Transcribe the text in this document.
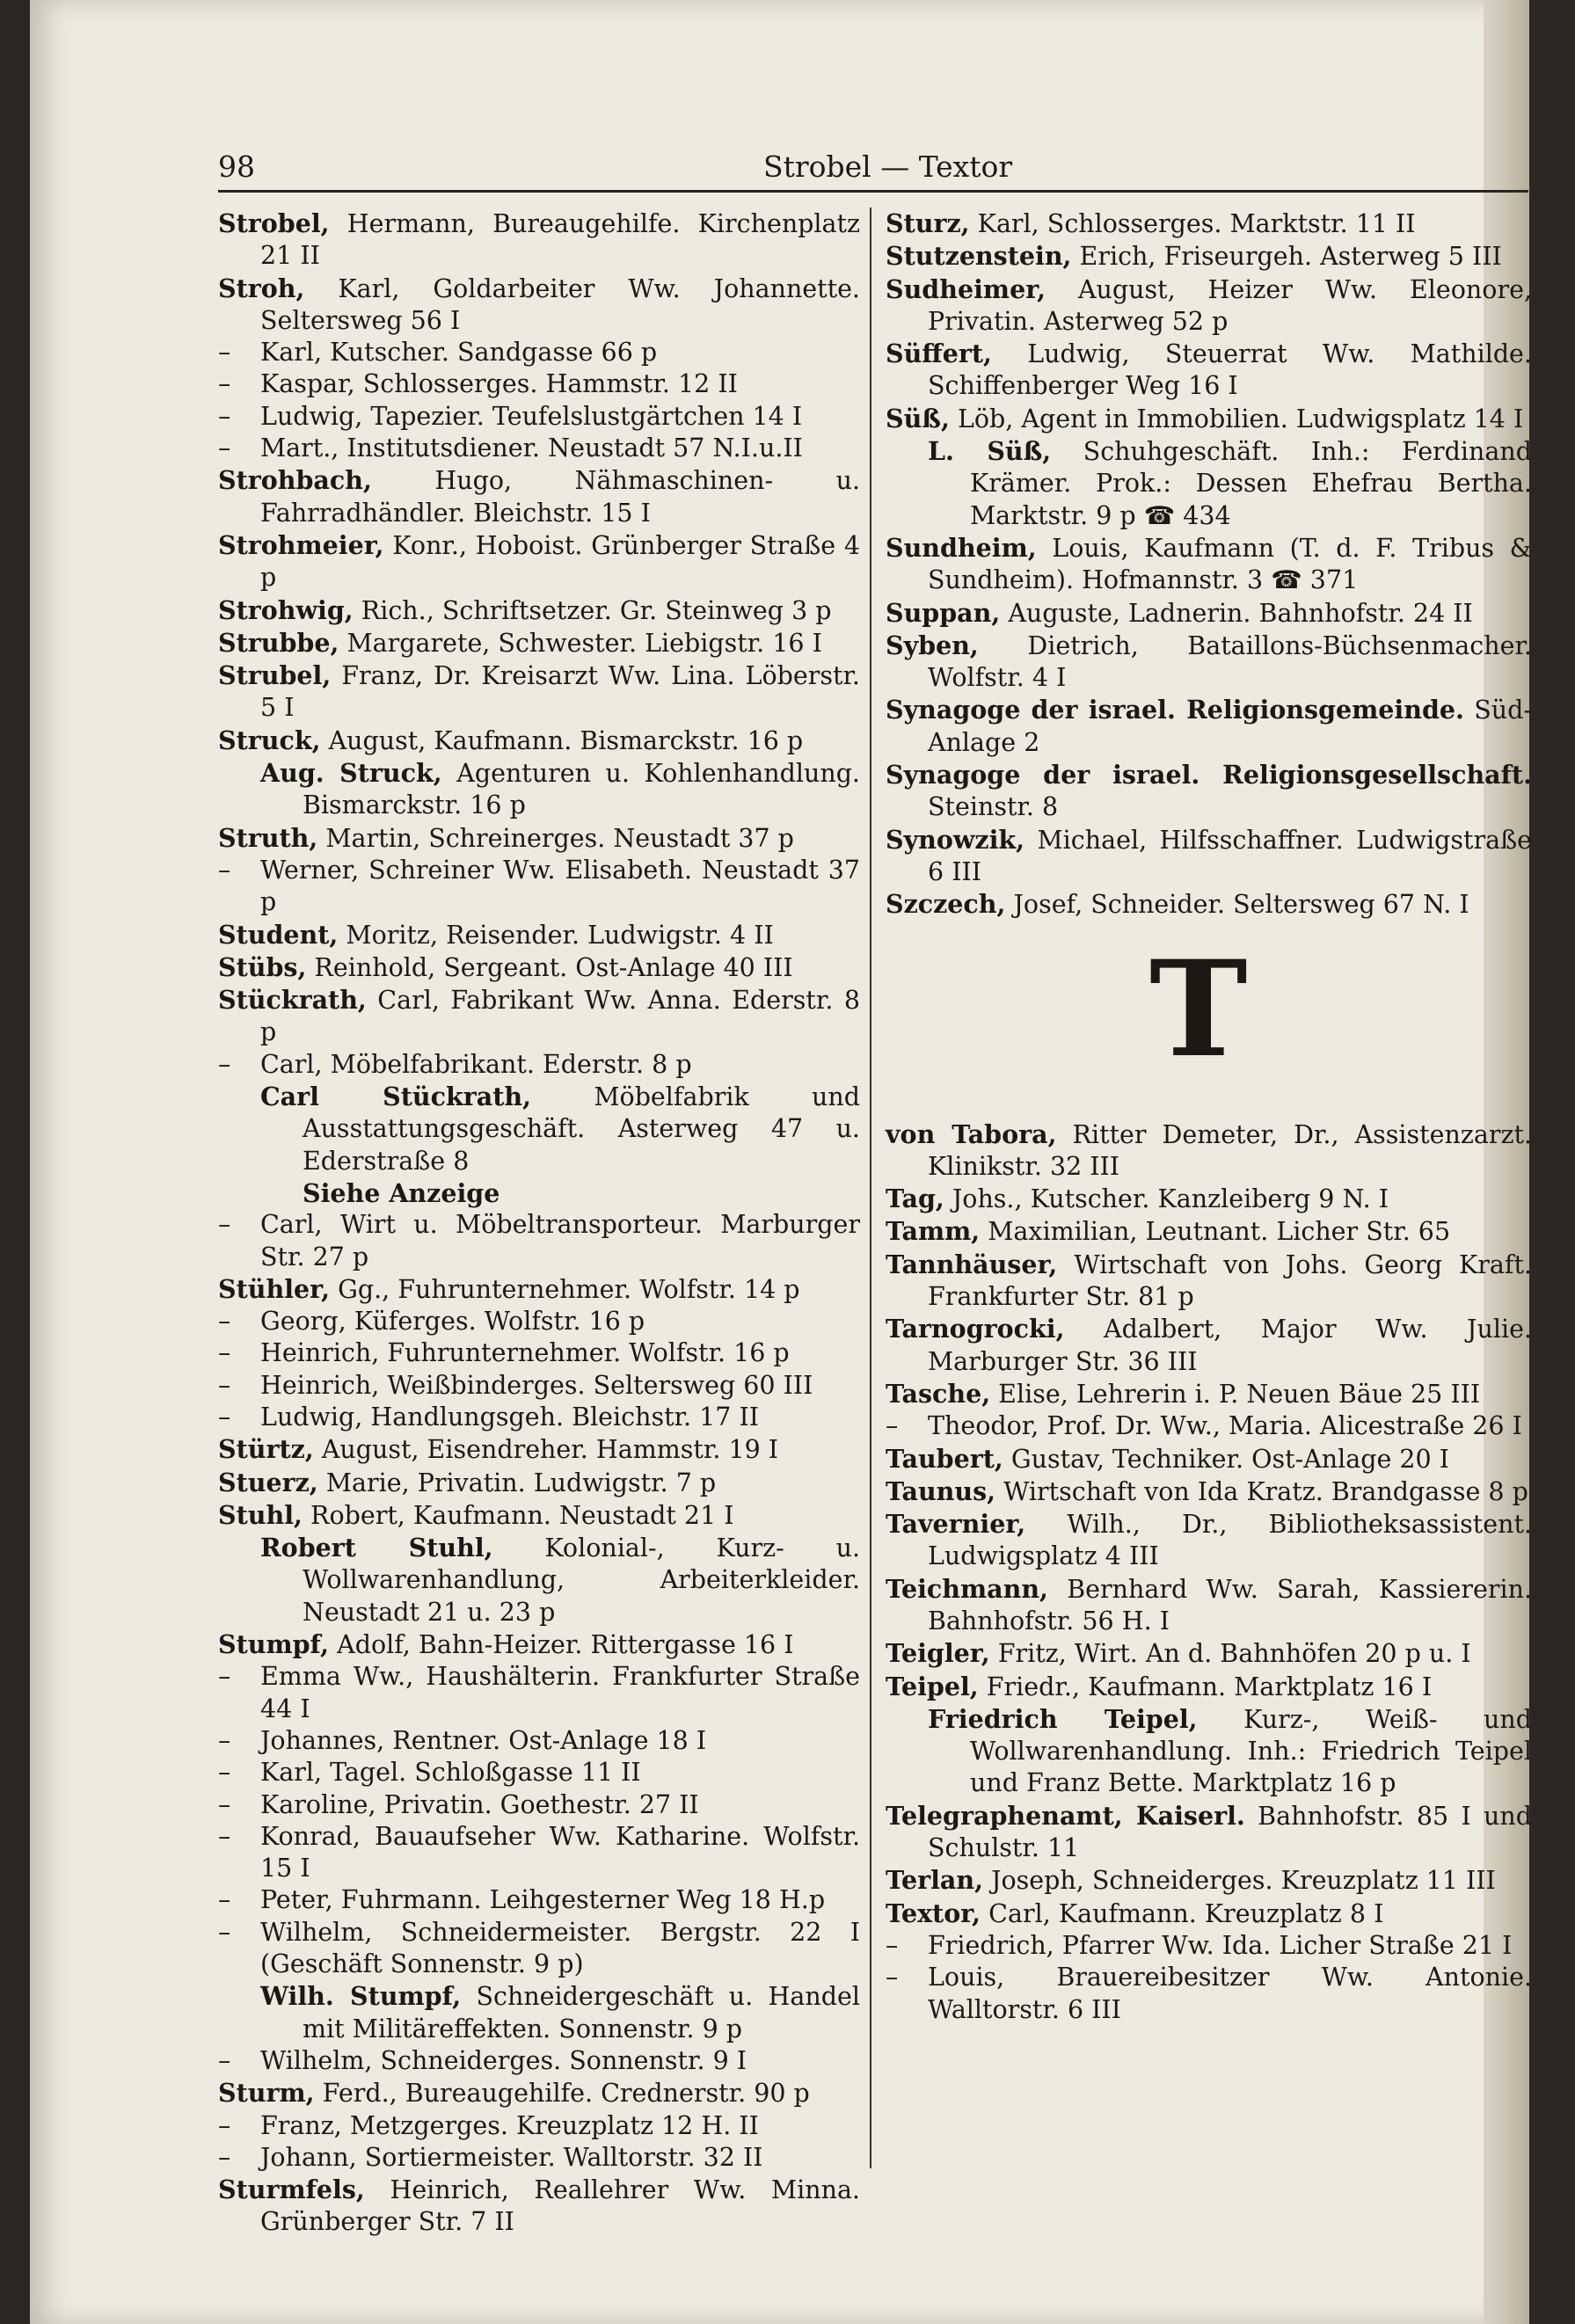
98	Strobel — Textor

Strobel, Hermann, Bureaugehilfe. Kirchenplatz 21 II

Stroh, Karl, Goldarbeiter Ww. Johannette. Seltersweg 56 I

– Karl, Kutscher. Sandgasse 66 p

– Kaspar, Schlosserges. Hammstr. 12 II

– Ludwig, Tapezier. Teufelslustgärtchen 14 I

– Mart., Institutsdiener. Neustadt 57 N.I.u.II

Strohbach, Hugo, Nähmaschinen- u. Fahrradhändler. Bleichstr. 15 I

Strohmeier, Konr., Hoboist. Grünberger Straße 4 p

Strohwig, Rich., Schriftsetzer. Gr. Steinweg 3 p

Strubbe, Margarete, Schwester. Liebigstr. 16 I

Strubel, Franz, Dr. Kreisarzt Ww. Lina. Löberstr. 5 I

Struck, August, Kaufmann. Bismarckstr. 16 p

Aug. Struck, Agenturen u. Kohlenhandlung. Bismarckstr. 16 p

Struth, Martin, Schreinerges. Neustadt 37 p

– Werner, Schreiner Ww. Elisabeth. Neustadt 37 p

Student, Moritz, Reisender. Ludwigstr. 4 II

Stübs, Reinhold, Sergeant. Ost-Anlage 40 III

Stückrath, Carl, Fabrikant Ww. Anna. Ederstr. 8 p

– Carl, Möbelfabrikant. Ederstr. 8 p

Carl Stückrath, Möbelfabrik und Ausstattungsgeschäft. Asterweg 47 u. Ederstraße 8
Siehe Anzeige

– Carl, Wirt u. Möbeltransporteur. Marburger Str. 27 p

Stühler, Gg., Fuhrunternehmer. Wolfstr. 14 p

– Georg, Küferges. Wolfstr. 16 p

– Heinrich, Fuhrunternehmer. Wolfstr. 16 p

– Heinrich, Weißbinderges. Seltersweg 60 III

– Ludwig, Handlungsgeh. Bleichstr. 17 II

Stürtz, August, Eisendreher. Hammstr. 19 I

Stuerz, Marie, Privatin. Ludwigstr. 7 p

Stuhl, Robert, Kaufmann. Neustadt 21 I

Robert Stuhl, Kolonial-, Kurz- u. Wollwarenhandlung, Arbeiterkleider. Neustadt 21 u. 23 p

Stumpf, Adolf, Bahn-Heizer. Rittergasse 16 I

– Emma Ww., Haushälterin. Frankfurter Straße 44 I

– Johannes, Rentner. Ost-Anlage 18 I

– Karl, Tagel. Schloßgasse 11 II

– Karoline, Privatin. Goethestr. 27 II

– Konrad, Bauaufseher Ww. Katharine. Wolfstr. 15 I

– Peter, Fuhrmann. Leihgesterner Weg 18 H.p

– Wilhelm, Schneidermeister. Bergstr. 22 I (Geschäft Sonnenstr. 9 p)

Wilh. Stumpf, Schneidergeschäft u. Handel mit Militäreffekten. Sonnenstr. 9 p

– Wilhelm, Schneiderges. Sonnenstr. 9 I

Sturm, Ferd., Bureaugehilfe. Crednerstr. 90 p

– Franz, Metzgerges. Kreuzplatz 12 H. II

– Johann, Sortiermeister. Walltorstr. 32 II

Sturmfels, Heinrich, Reallehrer Ww. Minna. Grünberger Str. 7 II

Sturz, Karl, Schlosserges. Marktstr. 11 II

Stutzenstein, Erich, Friseurgeh. Asterweg 5 III

Sudheimer, August, Heizer Ww. Eleonore, Privatin. Asterweg 52 p

Süffert, Ludwig, Steuerrat Ww. Mathilde. Schiffenberger Weg 16 I

Süß, Löb, Agent in Immobilien. Ludwigsplatz 14 I

L. Süß, Schuhgeschäft. Inh.: Ferdinand Krämer. Prok.: Dessen Ehefrau Bertha. Marktstr. 9 p ☎ 434

Sundheim, Louis, Kaufmann (T. d. F. Tribus & Sundheim). Hofmannstr. 3 ☎ 371

Suppan, Auguste, Ladnerin. Bahnhofstr. 24 II

Syben, Dietrich, Bataillons-Büchsenmacher. Wolfstr. 4 I

Synagoge der israel. Religionsgemeinde. Süd-Anlage 2

Synagoge der israel. Religionsgesellschaft. Steinstr. 8

Synowzik, Michael, Hilfsschaffner. Ludwigstraße 6 III

Szczech, Josef, Schneider. Seltersweg 67 N. I

T

von Tabora, Ritter Demeter, Dr., Assistenzarzt. Klinikstr. 32 III

Tag, Johs., Kutscher. Kanzleiberg 9 N. I

Tamm, Maximilian, Leutnant. Licher Str. 65

Tannhäuser, Wirtschaft von Johs. Georg Kraft. Frankfurter Str. 81 p

Tarnogrocki, Adalbert, Major Ww. Julie. Marburger Str. 36 III

Tasche, Elise, Lehrerin i. P. Neuen Bäue 25 III

– Theodor, Prof. Dr. Ww., Maria. Alicestraße 26 I

Taubert, Gustav, Techniker. Ost-Anlage 20 I

Taunus, Wirtschaft von Ida Kratz. Brandgasse 8 p

Tavernier, Wilh., Dr., Bibliotheksassistent. Ludwigsplatz 4 III

Teichmann, Bernhard Ww. Sarah, Kassiererin. Bahnhofstr. 56 H. I

Teigler, Fritz, Wirt. An d. Bahnhöfen 20 p u. I

Teipel, Friedr., Kaufmann. Marktplatz 16 I

Friedrich Teipel, Kurz-, Weiß- und Wollwarenhandlung. Inh.: Friedrich Teipel und Franz Bette. Marktplatz 16 p

Telegraphenamt, Kaiserl. Bahnhofstr. 85 I und Schulstr. 11

Terlan, Joseph, Schneiderges. Kreuzplatz 11 III

Textor, Carl, Kaufmann. Kreuzplatz 8 I

– Friedrich, Pfarrer Ww. Ida. Licher Straße 21 I

– Louis, Brauereibesitzer Ww. Antonie. Walltorstr. 6 III
